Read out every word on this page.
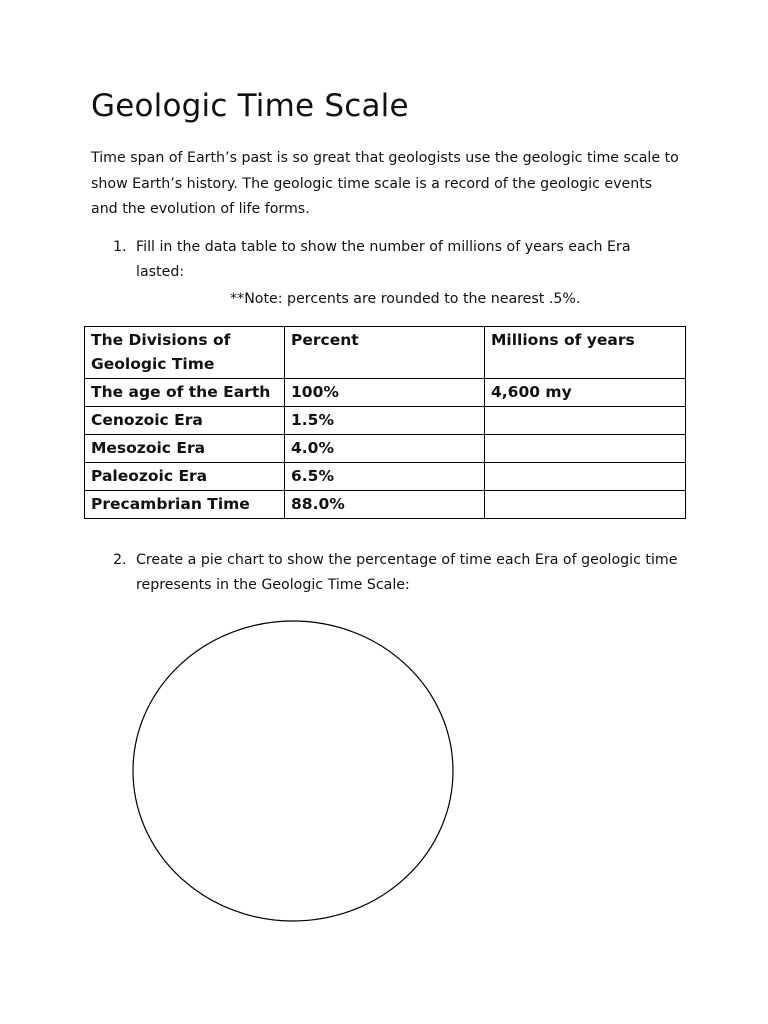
Geologic Time Scale

Time span of Earth’s past is so great that geologists use the geologic time scale to show Earth’s history. The geologic time scale is a record of the geologic events and the evolution of life forms.

1. Fill in the data table to show the number of millions of years each Era lasted:

**Note: percents are rounded to the nearest .5%.

The Divisions of Geologic Time	Percent	Millions of years
The age of the Earth	100%	4,600 my
Cenozoic Era	1.5%	
Mesozoic Era	4.0%	
Paleozoic Era	6.5%	
Precambrian Time	88.0%	
2. Create a pie chart to show the percentage of time each Era of geologic time represents in the Geologic Time Scale:
